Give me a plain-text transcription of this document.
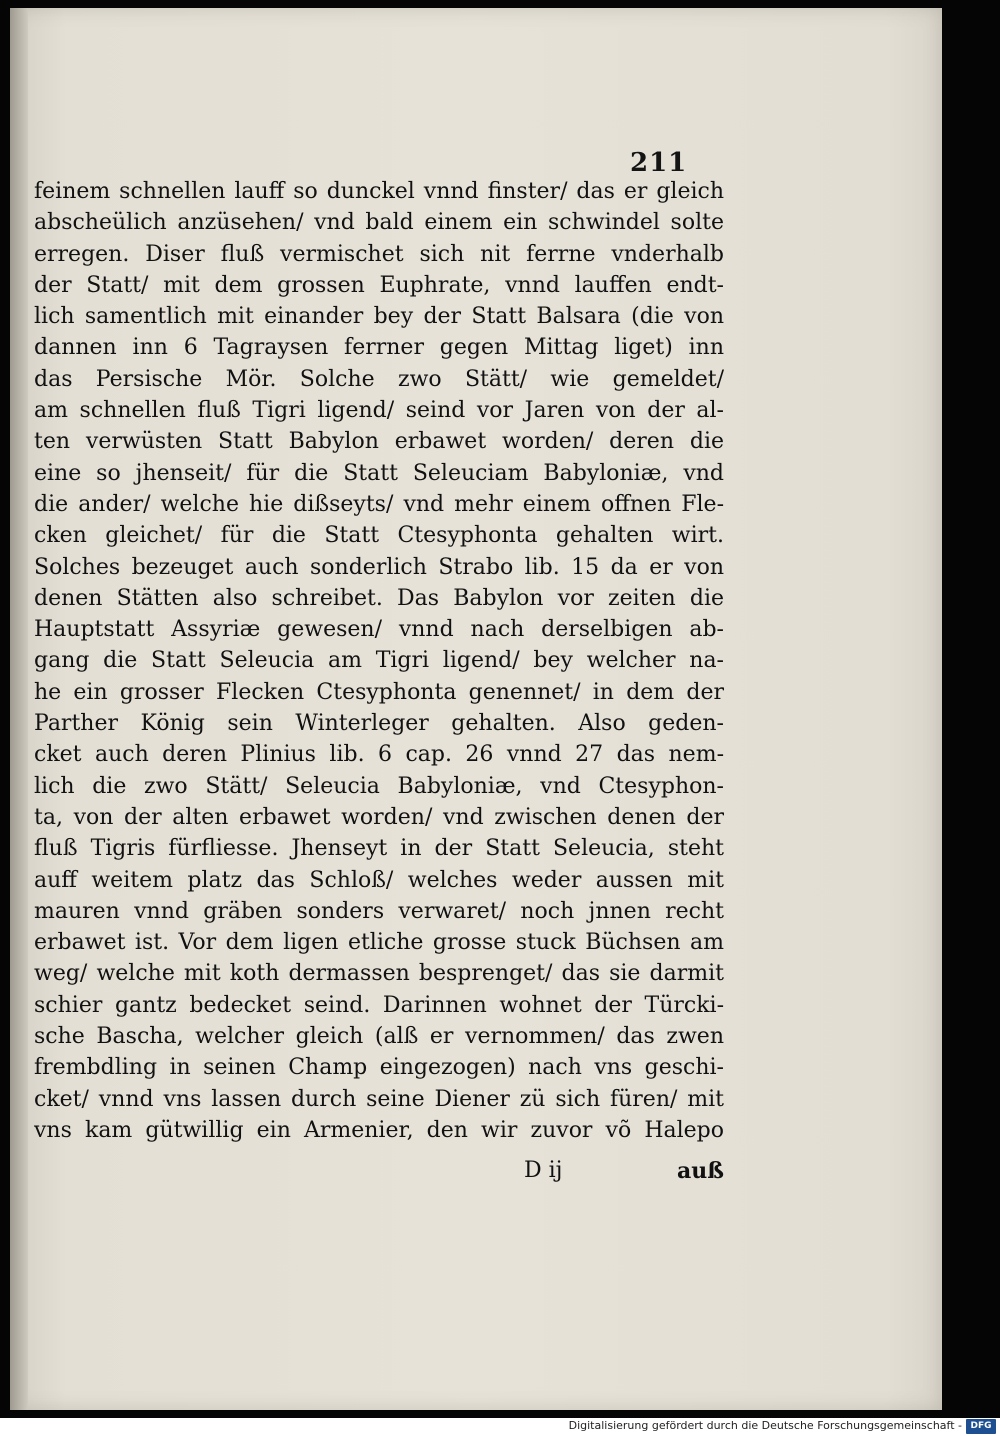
211
feinem schnellen lauff so dunckel vnnd finster/ das er gleich
abscheülich anzüsehen/ vnd bald einem ein schwindel solte
erregen. Diser fluß vermischet sich nit ferrne vnderhalb
der Statt/ mit dem grossen Euphrate, vnnd lauffen endt-
lich samentlich mit einander bey der Statt Balsara (die von
dannen inn 6 Tagraysen ferrner gegen Mittag liget) inn
das Persische Mör. Solche zwo Stätt/ wie gemeldet/
am schnellen fluß Tigri ligend/ seind vor Jaren von der al-
ten verwüsten Statt Babylon erbawet worden/ deren die
eine so jhenseit/ für die Statt Seleuciam Babyloniæ, vnd
die ander/ welche hie dißseyts/ vnd mehr einem offnen Fle-
cken gleichet/ für die Statt Ctesyphonta gehalten wirt.
Solches bezeuget auch sonderlich Strabo lib. 15 da er von
denen Stätten also schreibet. Das Babylon vor zeiten die
Hauptstatt Assyriæ gewesen/ vnnd nach derselbigen ab-
gang die Statt Seleucia am Tigri ligend/ bey welcher na-
he ein grosser Flecken Ctesyphonta genennet/ in dem der
Parther König sein Winterleger gehalten. Also geden-
cket auch deren Plinius lib. 6 cap. 26 vnnd 27 das nem-
lich die zwo Stätt/ Seleucia Babyloniæ, vnd Ctesyphon-
ta, von der alten erbawet worden/ vnd zwischen denen der
fluß Tigris fürfliesse. Jhenseyt in der Statt Seleucia, steht
auff weitem platz das Schloß/ welches weder aussen mit
mauren vnnd gräben sonders verwaret/ noch jnnen recht
erbawet ist. Vor dem ligen etliche grosse stuck Büchsen am
weg/ welche mit koth dermassen besprenget/ das sie darmit
schier gantz bedecket seind. Darinnen wohnet der Türcki-
sche Bascha, welcher gleich (alß er vernommen/ das zwen
frembdling in seinen Champ eingezogen) nach vns geschi-
cket/ vnnd vns lassen durch seine Diener zü sich füren/ mit
vns kam gütwillig ein Armenier, den wir zuvor võ Halepo
D ij	auß
Digitalisierung gefördert durch die Deutsche Forschungsgemeinschaft - DFG
